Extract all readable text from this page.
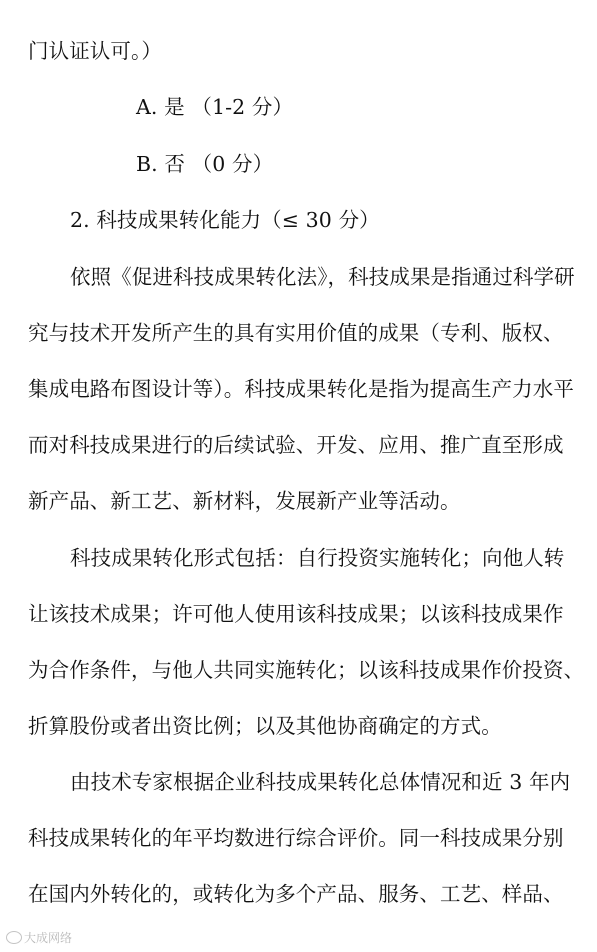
门认证认可。）
A. 是 （1-2 分）
B. 否 （0 分）
2. 科技成果转化能力（≤ 30 分）
依照《促进科技成果转化法》，科技成果是指通过科学研
究与技术开发所产生的具有实用价值的成果（专利、版权、
集成电路布图设计等）。科技成果转化是指为提高生产力水平
而对科技成果进行的后续试验、开发、应用、推广直至形成
新产品、新工艺、新材料，发展新产业等活动。
科技成果转化形式包括：自行投资实施转化；向他人转
让该技术成果；许可他人使用该科技成果；以该科技成果作
为合作条件，与他人共同实施转化；以该科技成果作价投资、
折算股份或者出资比例；以及其他协商确定的方式。
由技术专家根据企业科技成果转化总体情况和近 3 年内
科技成果转化的年平均数进行综合评价。同一科技成果分别
在国内外转化的，或转化为多个产品、服务、工艺、样品、
大成网络
